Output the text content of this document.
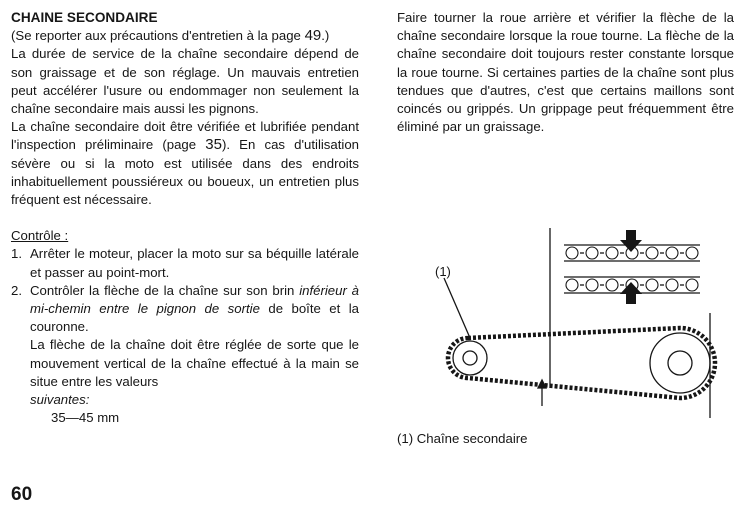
CHAINE SECONDAIRE

(Se reporter aux précautions d'entretien à la page 49.)

La durée de service de la chaîne secondaire dépend de son graissage et de son réglage. Un mauvais entretien peut accélérer l'usure ou endommager non seulement la chaîne secondaire mais aussi les pignons.

La chaîne secondaire doit être vérifiée et lubrifiée pendant l'inspection préliminaire (page 35). En cas d'utilisation sévère ou si la moto est utilisée dans des endroits inhabituellement poussiéreux ou boueux, un entretien plus fréquent est nécessaire.

Contrôle :

1. Arrêter le moteur, placer la moto sur sa béquille latérale et passer au point-mort.
2. Contrôler la flèche de la chaîne sur son brin inférieur à mi-chemin entre le pignon de sortie de boîte et la couronne.

La flèche de la chaîne doit être réglée de sorte que le mouvement vertical de la chaîne effectué à la main se situe entre les valeurs

suivantes:

35—45 mm

Faire tourner la roue arrière et vérifier la flèche de la chaîne secondaire lorsque la roue tourne. La flèche de la chaîne secondaire doit toujours rester constante lorsque la roue tourne. Si certaines parties de la chaîne sont plus tendues que d'autres, c'est que certains maillons sont coincés ou grippés. Un grippage peut fréquemment être éliminé par un graissage.

(1)
(1) Chaîne secondaire
60
